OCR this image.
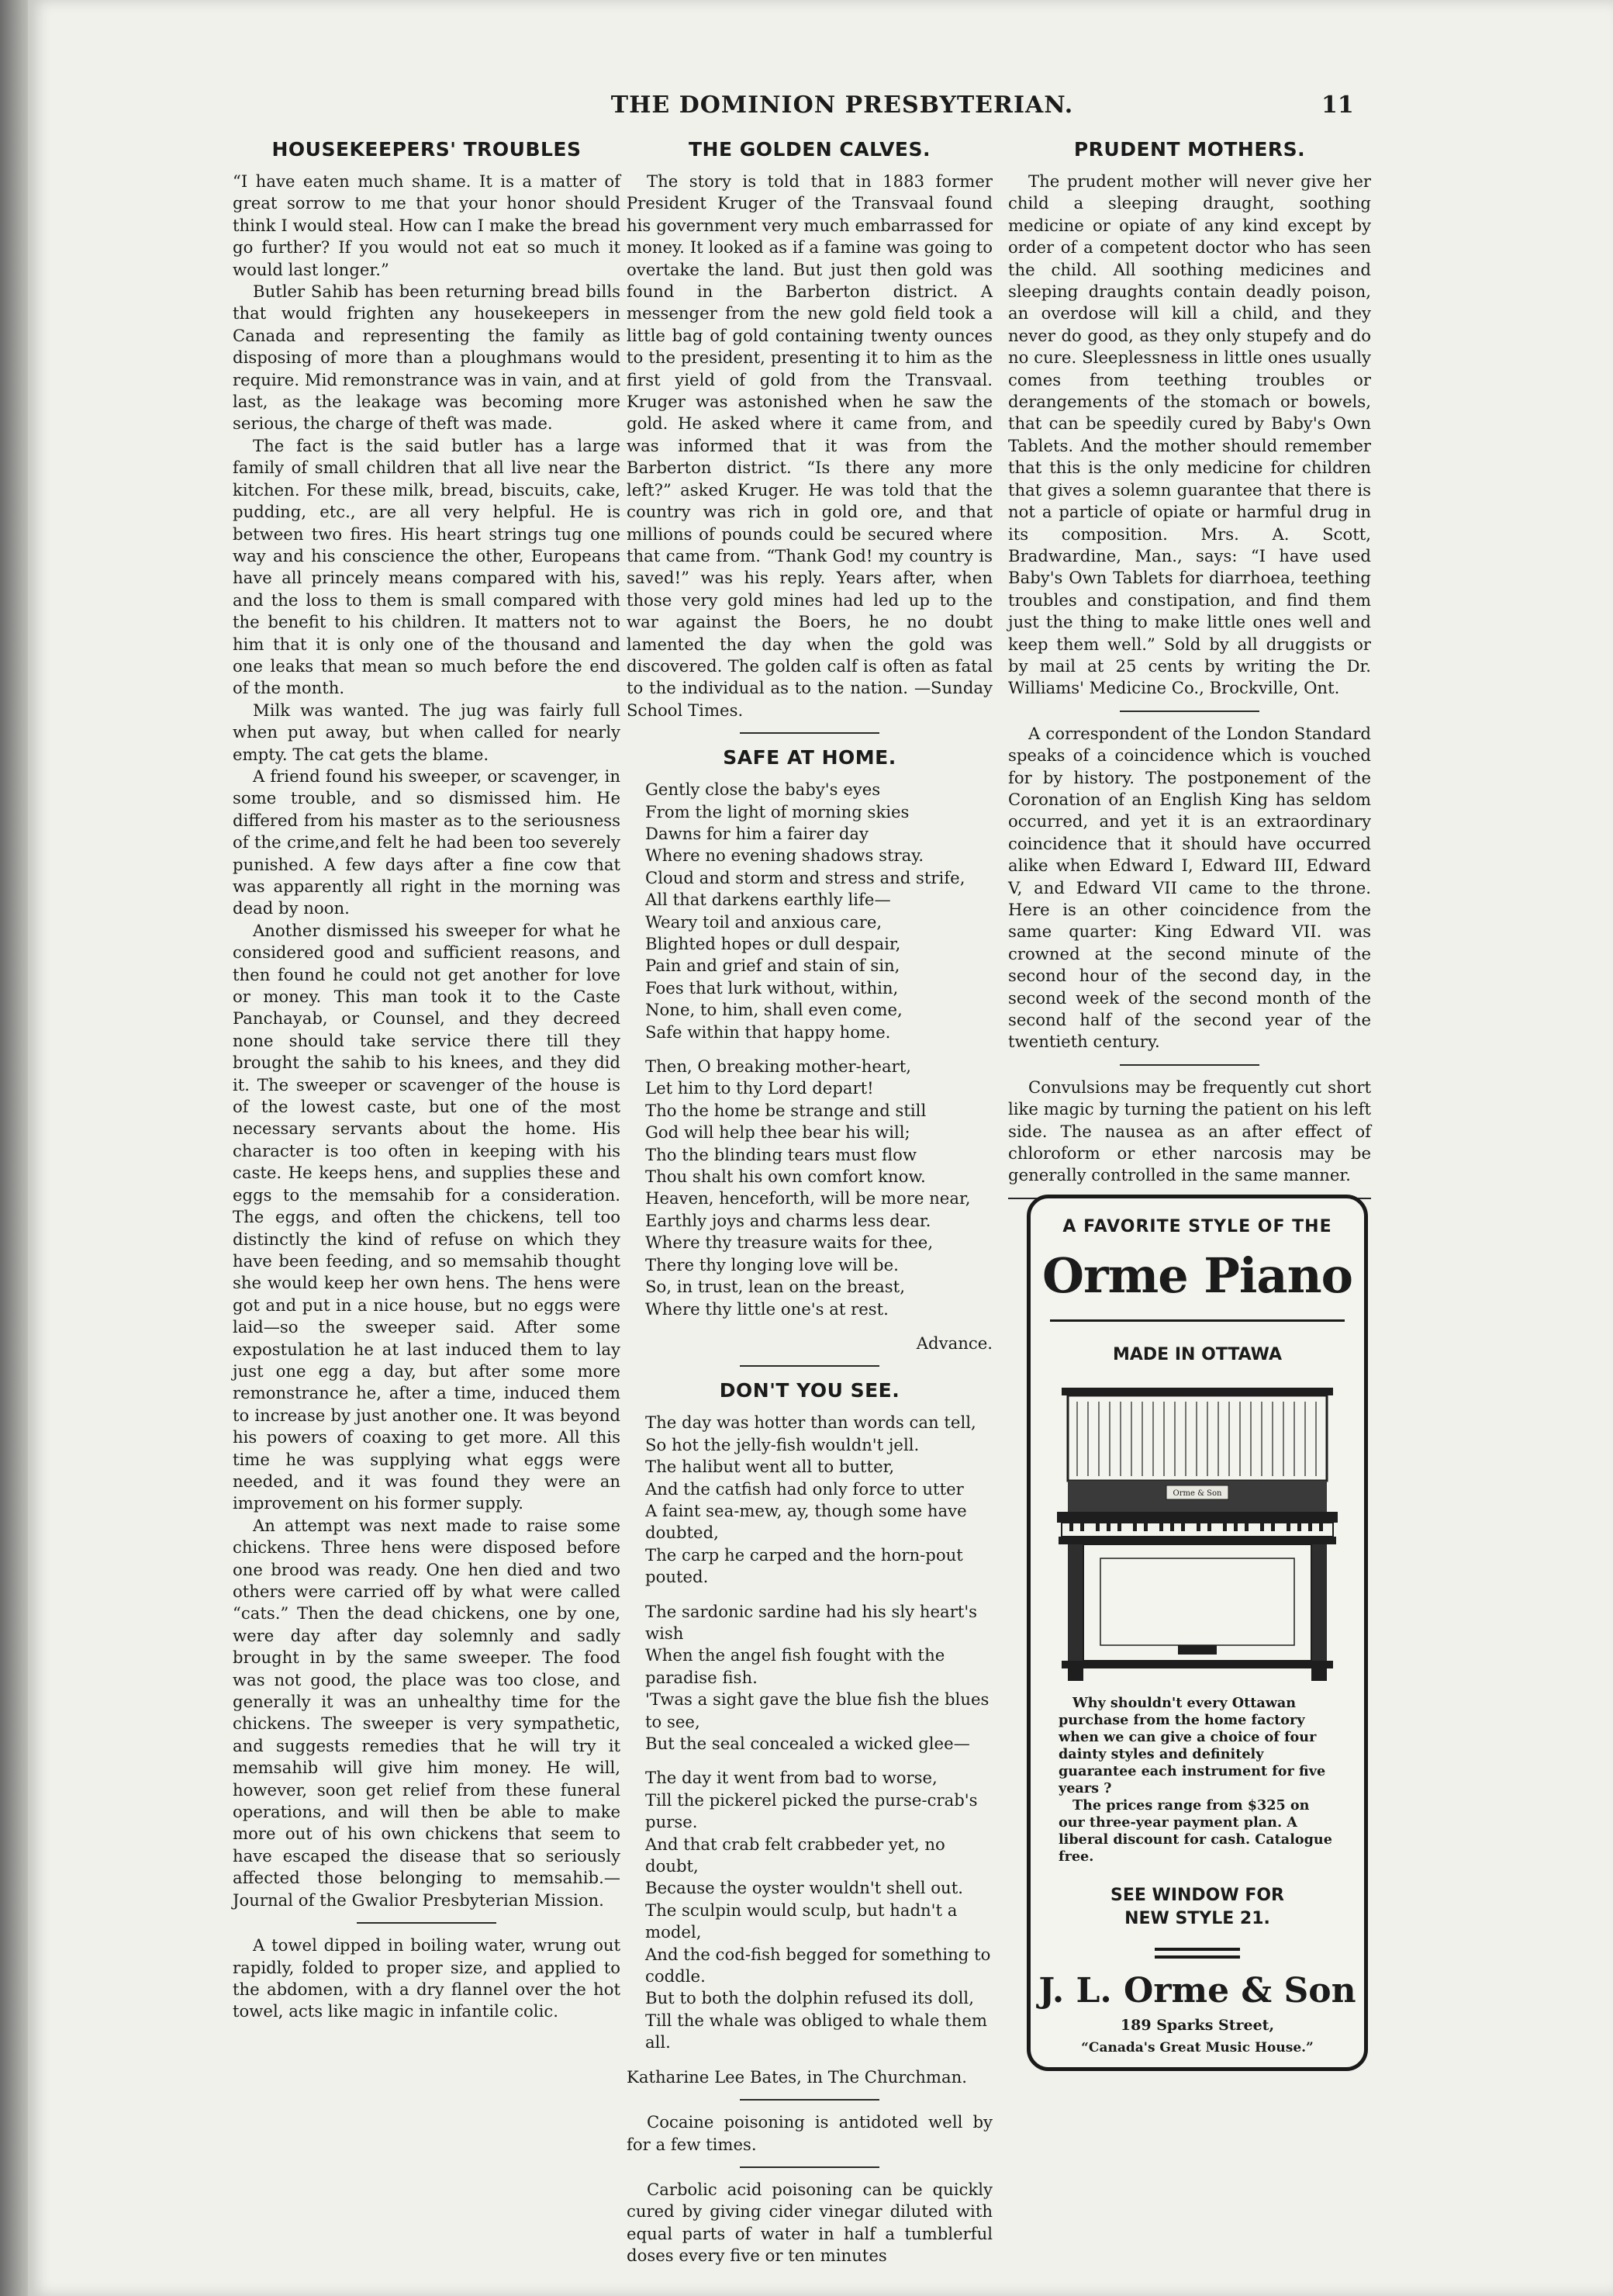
THE DOMINION PRESBYTERIAN.	11
HOUSEKEEPERS' TROUBLES

“I have eaten much shame. It is a matter of great sorrow to me that your honor should think I would steal. How can I make the bread go further? If you would not eat so much it would last longer.”

Butler Sahib has been returning bread bills that would frighten any housekeepers in Canada and representing the family as disposing of more than a ploughmans would require. Mid remonstrance was in vain, and at last, as the leakage was becoming more serious, the charge of theft was made.

The fact is the said butler has a large family of small children that all live near the kitchen. For these milk, bread, biscuits, cake, pudding, etc., are all very helpful. He is between two fires. His heart strings tug one way and his conscience the other, Europeans have all princely means compared with his, and the loss to them is small compared with the benefit to his children. It matters not to him that it is only one of the thousand and one leaks that mean so much before the end of the month.

Milk was wanted. The jug was fairly full when put away, but when called for nearly empty. The cat gets the blame.

A friend found his sweeper, or scavenger, in some trouble, and so dismissed him. He differed from his master as to the seriousness of the crime,and felt he had been too severely punished. A few days after a fine cow that was apparently all right in the morning was dead by noon.

Another dismissed his sweeper for what he considered good and sufficient reasons, and then found he could not get another for love or money. This man took it to the Caste Panchayab, or Counsel, and they decreed none should take service there till they brought the sahib to his knees, and they did it. The sweeper or scavenger of the house is of the lowest caste, but one of the most necessary servants about the home. His character is too often in keeping with his caste. He keeps hens, and supplies these and eggs to the memsahib for a consideration. The eggs, and often the chickens, tell too distinctly the kind of refuse on which they have been feeding, and so memsahib thought she would keep her own hens. The hens were got and put in a nice house, but no eggs were laid—so the sweeper said. After some expostulation he at last induced them to lay just one egg a day, but after some more remonstrance he, after a time, induced them to increase by just another one. It was beyond his powers of coaxing to get more. All this time he was supplying what eggs were needed, and it was found they were an improvement on his former supply.

An attempt was next made to raise some chickens. Three hens were disposed before one brood was ready. One hen died and two others were carried off by what were called “cats.” Then the dead chickens, one by one, were day after day solemnly and sadly brought in by the same sweeper. The food was not good, the place was too close, and generally it was an unhealthy time for the chickens. The sweeper is very sympathetic, and suggests remedies that he will try it memsahib will give him money. He will, however, soon get relief from these funeral operations, and will then be able to make more out of his own chickens that seem to have escaped the disease that so seriously affected those belonging to memsahib.—Journal of the Gwalior Presbyterian Mission.

A towel dipped in boiling water, wrung out rapidly, folded to proper size, and applied to the abdomen, with a dry flannel over the hot towel, acts like magic in infantile colic.

THE GOLDEN CALVES.

The story is told that in 1883 former President Kruger of the Transvaal found his government very much embarrassed for money. It looked as if a famine was going to overtake the land. But just then gold was found in the Barberton district. A messenger from the new gold field took a little bag of gold containing twenty ounces to the president, presenting it to him as the first yield of gold from the Transvaal. Kruger was astonished when he saw the gold. He asked where it came from, and was informed that it was from the Barberton district. “Is there any more left?” asked Kruger. He was told that the country was rich in gold ore, and that millions of pounds could be secured where that came from. “Thank God! my country is saved!” was his reply. Years after, when those very gold mines had led up to the war against the Boers, he no doubt lamented the day when the gold was discovered. The golden calf is often as fatal to the individual as to the nation. —Sunday School Times.

SAFE AT HOME.

Gently close the baby's eyes

From the light of morning skies

Dawns for him a fairer day

Where no evening shadows stray.

Cloud and storm and stress and strife,

All that darkens earthly life—

Weary toil and anxious care,

Blighted hopes or dull despair,

Pain and grief and stain of sin,

Foes that lurk without, within,

None, to him, shall even come,

Safe within that happy home.

Then, O breaking mother-heart,

Let him to thy Lord depart!

Tho the home be strange and still

God will help thee bear his will;

Tho the blinding tears must flow

Thou shalt his own comfort know.

Heaven, henceforth, will be more near,

Earthly joys and charms less dear.

Where thy treasure waits for thee,

There thy longing love will be.

So, in trust, lean on the breast,

Where thy little one's at rest.

Advance.
DON'T YOU SEE.

The day was hotter than words can tell,

So hot the jelly-fish wouldn't jell.

The halibut went all to butter,

And the catfish had only force to utter

A faint sea-mew, ay, though some have doubted,

The carp he carped and the horn-pout pouted.

The sardonic sardine had his sly heart's wish

When the angel fish fought with the paradise fish.

'Twas a sight gave the blue fish the blues to see,

But the seal concealed a wicked glee—

The day it went from bad to worse,

Till the pickerel picked the purse-crab's purse.

And that crab felt crabbeder yet, no doubt,

Because the oyster wouldn't shell out.

The sculpin would sculp, but hadn't a model,

And the cod-fish begged for something to coddle.

But to both the dolphin refused its doll,

Till the whale was obliged to whale them all.

Katharine Lee Bates, in The Churchman.

Cocaine poisoning is antidoted well by for a few times.

Carbolic acid poisoning can be quickly cured by giving cider vinegar diluted with equal parts of water in half a tumblerful doses every five or ten minutes

PRUDENT MOTHERS.

The prudent mother will never give her child a sleeping draught, soothing medicine or opiate of any kind except by order of a competent doctor who has seen the child. All soothing medicines and sleeping draughts contain deadly poison, an overdose will kill a child, and they never do good, as they only stupefy and do no cure. Sleeplessness in little ones usually comes from teething troubles or derangements of the stomach or bowels, that can be speedily cured by Baby's Own Tablets. And the mother should remember that this is the only medicine for children that gives a solemn guarantee that there is not a particle of opiate or harmful drug in its composition. Mrs. A. Scott, Bradwardine, Man., says: “I have used Baby's Own Tablets for diarrhoea, teething troubles and constipation, and find them just the thing to make little ones well and keep them well.” Sold by all druggists or by mail at 25 cents by writing the Dr. Williams' Medicine Co., Brockville, Ont.

A correspondent of the London Standard speaks of a coincidence which is vouched for by history. The postponement of the Coronation of an English King has seldom occurred, and yet it is an extraordinary coincidence that it should have occurred alike when Edward I, Edward III, Edward V, and Edward VII came to the throne. Here is an other coincidence from the same quarter: King Edward VII. was crowned at the second minute of the second hour of the second day, in the second week of the second month of the second half of the second year of the twentieth century.

Convulsions may be frequently cut short like magic by turning the patient on his left side. The nausea as an after effect of chloroform or ether narcosis may be generally controlled in the same manner.

A FAVORITE STYLE OF THE
Orme Piano
MADE IN OTTAWA
Orme & Son

Why shouldn't every Ottawan purchase from the home factory when we can give a choice of four dainty styles and definitely guarantee each instrument for five years ?

The prices range from $325 on our three-year payment plan. A liberal discount for cash. Catalogue free.

SEE WINDOW FOR
NEW STYLE 21.
J. L. Orme & Son
189 Sparks Street,
“Canada's Great Music House.”
